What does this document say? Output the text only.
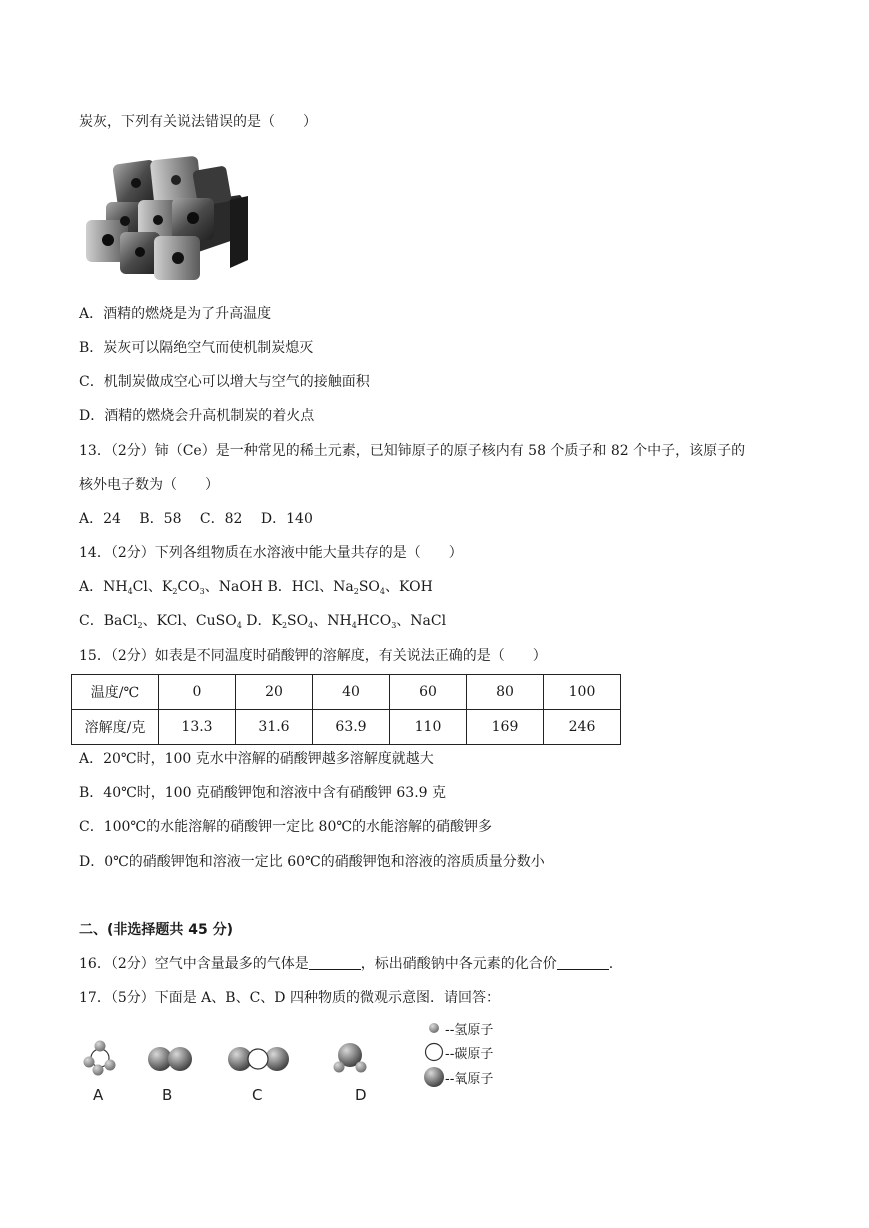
炭灰，下列有关说法错误的是（　　）
A．酒精的燃烧是为了升高温度
B．炭灰可以隔绝空气而使机制炭熄灭
C．机制炭做成空心可以增大与空气的接触面积
D．酒精的燃烧会升高机制炭的着火点
13．（2分）铈（Ce）是一种常见的稀土元素，已知铈原子的原子核内有 58 个质子和 82 个中子，该原子的
核外电子数为（　　）
A．24　 B．58　 C．82　 D．140
14．（2分）下列各组物质在水溶液中能大量共存的是（　　）
A．$NH_4Cl$、$K_2CO_3$、NaOH B．HCl、$Na_2SO_4$、KOH
C．BaCl$_2$、KCl、CuSO$_4$ D．$K_2SO_4$、$NH_4HCO_3$、NaCl
15．（2分）如表是不同温度时硝酸钾的溶解度，有关说法正确的是（　　）
温度/℃	0	20	40	60	80	100
溶解度/克	13.3	31.6	63.9	110	169	246
A．20℃时，100 克水中溶解的硝酸钾越多溶解度就越大
B．40℃时，100 克硝酸钾饱和溶液中含有硝酸钾 63.9 克
C．100℃的水能溶解的硝酸钾一定比 80℃的水能溶解的硝酸钾多
D．0℃的硝酸钾饱和溶液一定比 60℃的硝酸钾饱和溶液的溶质质量分数小
二、(非选择题共 45 分)
16．（2分）空气中含量最多的气体是	，标出硝酸钠中各元素的化合价	.
17．（5分）下面是 A、B、C、D 四种物质的微观示意图．请回答：
--氢原子
--碳原子
--氧原子
A	B	C	D
